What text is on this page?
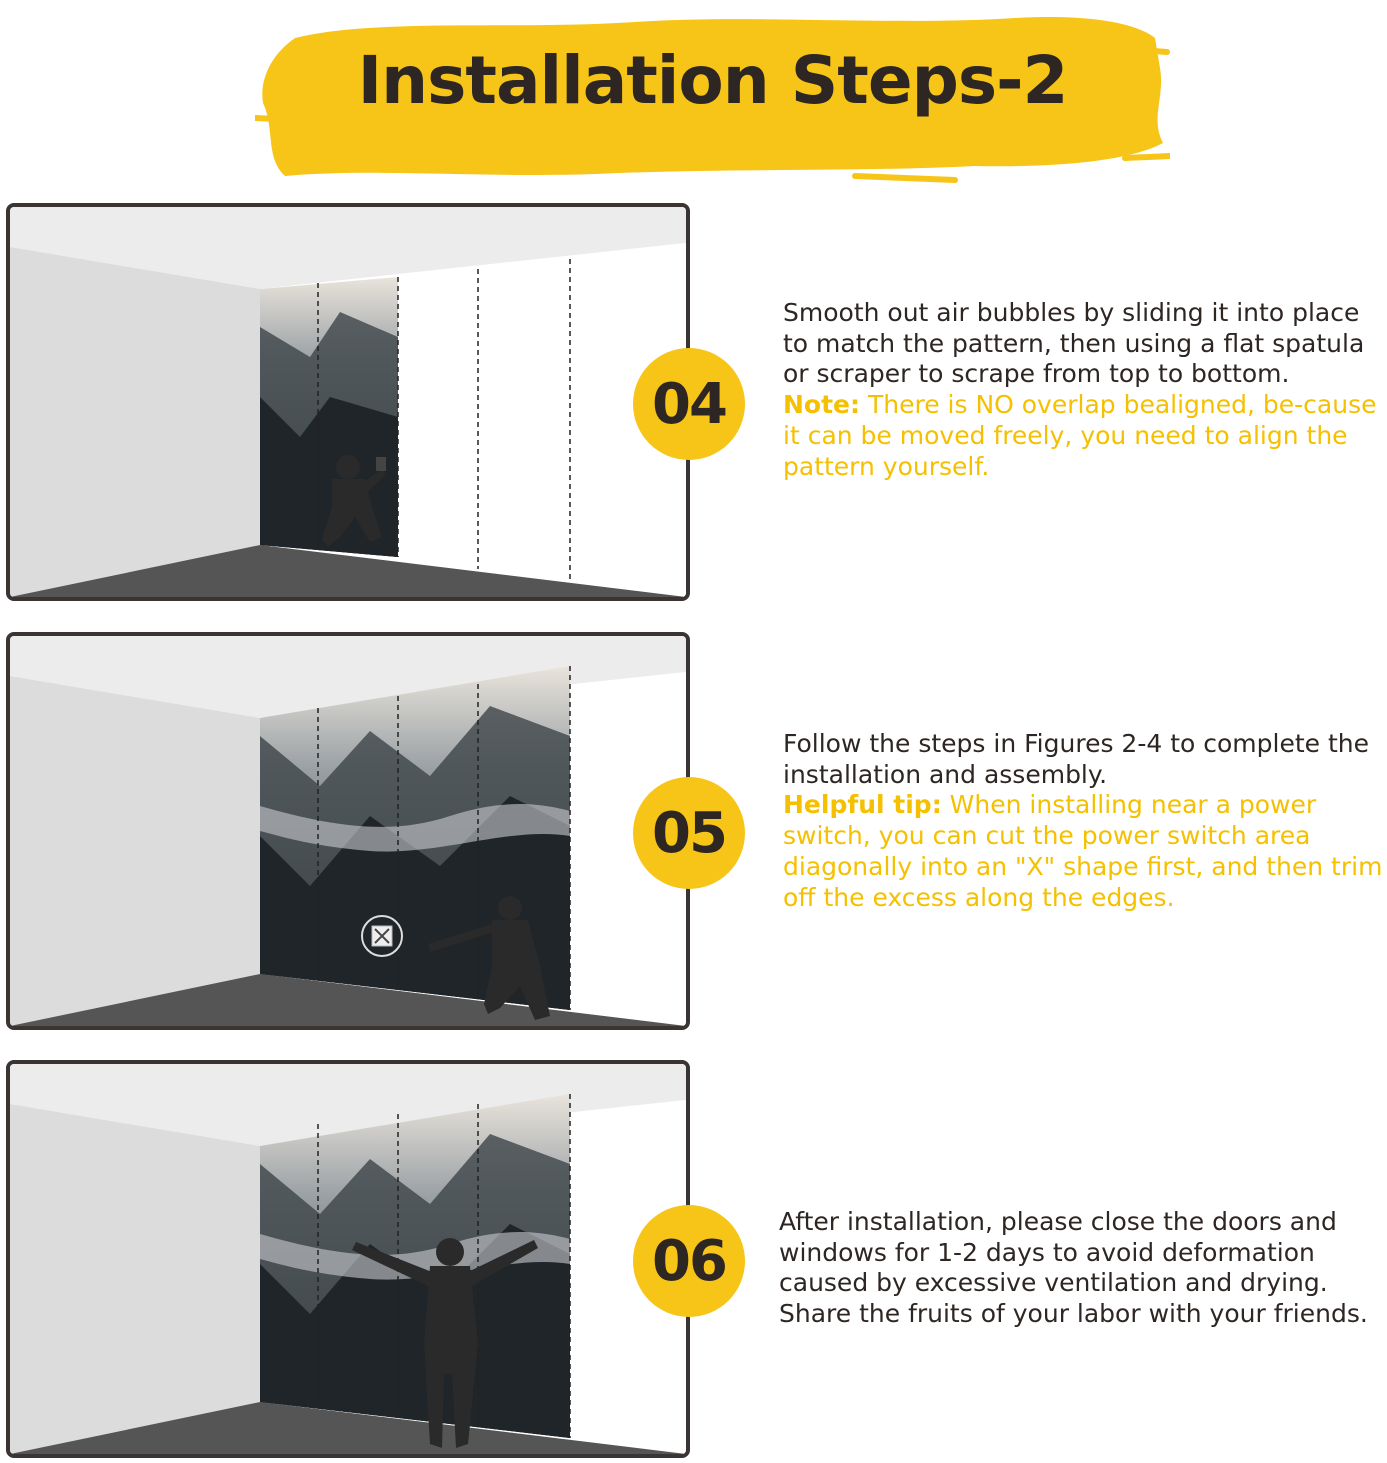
Installation Steps-2
04
Smooth out air bubbles by sliding it into place to match the pattern, then using a flat spatula or scraper to scrape from top to bottom.
Note: There is NO overlap bealigned, be-cause it can be moved freely, you need to align the pattern yourself.
05
Follow the steps in Figures 2-4 to complete the installation and assembly.
Helpful tip: When installing near a power switch, you can cut the power switch area diagonally into an "X" shape first, and then trim off the excess along the edges.
06
After installation, please close the doors and windows for 1-2 days to avoid deformation caused by excessive ventilation and drying.
Share the fruits of your labor with your friends.
